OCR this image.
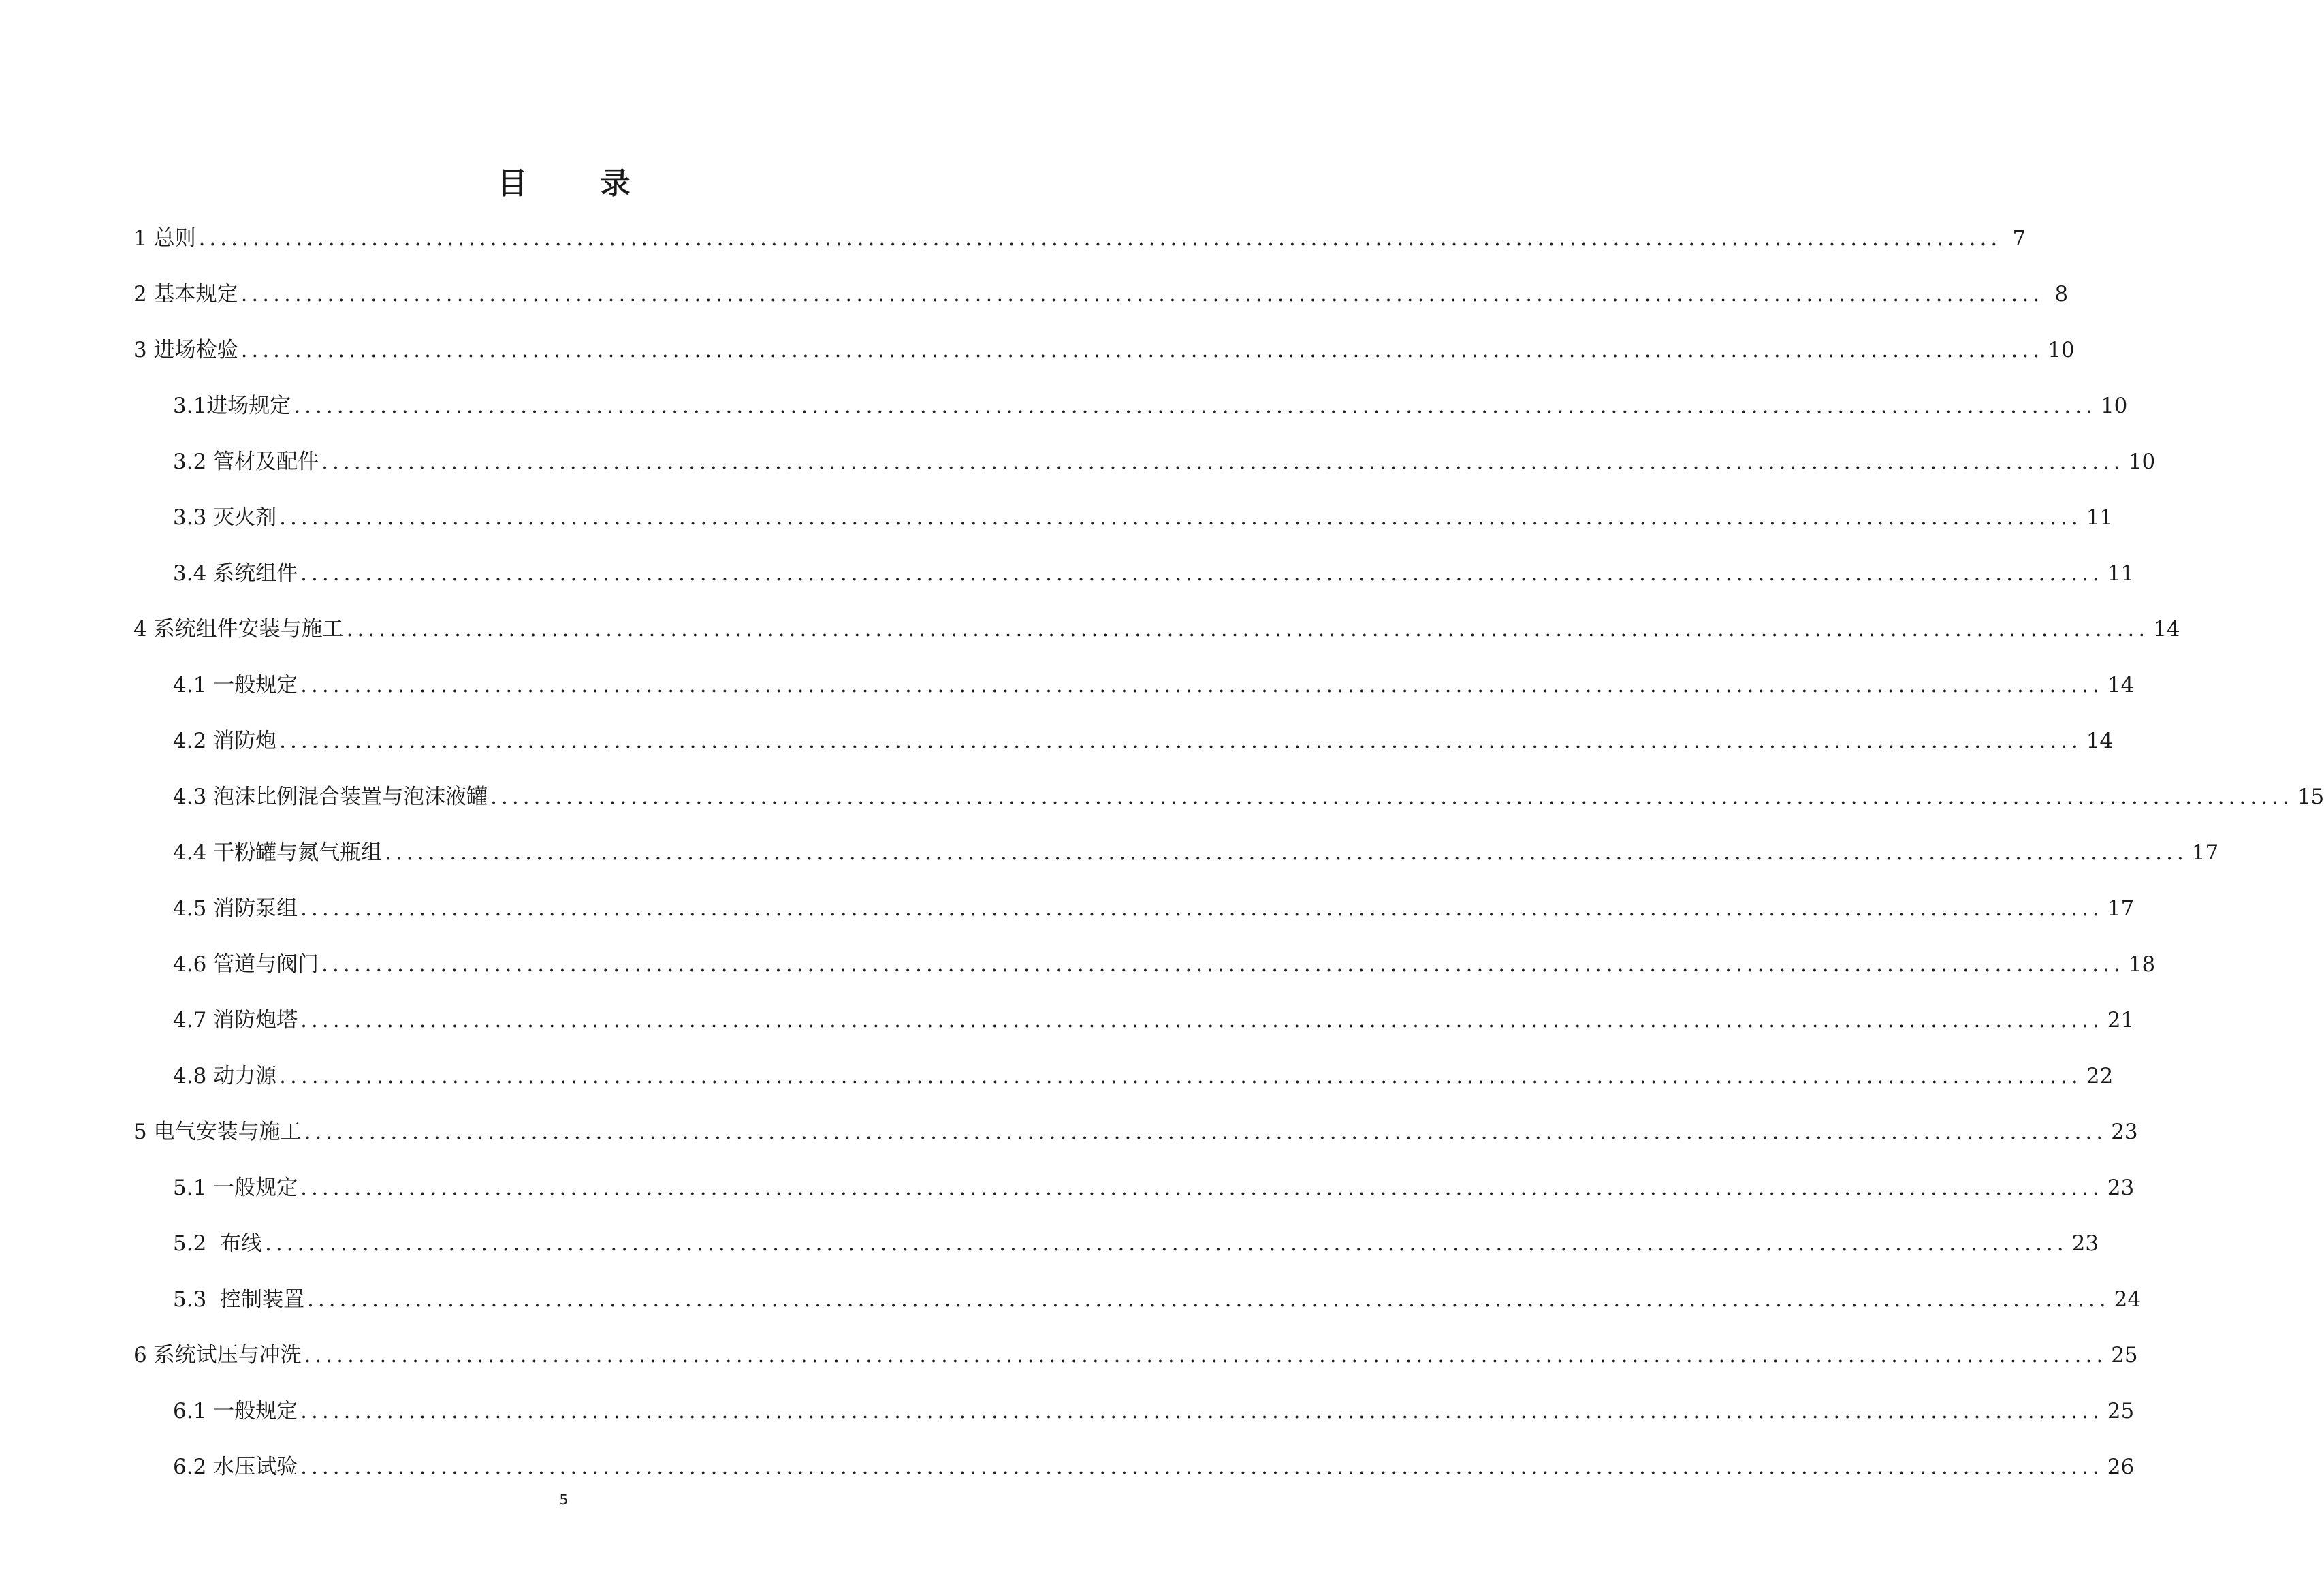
目 录
1 总则 ....................................................................................................................................................................... 7
2 基本规定 ....................................................................................................................................................................... 8
3 进场检验 ....................................................................................................................................................................... 10
3.1 进场规定 ....................................................................................................................................................................... 10
3.2 管材及配件 ....................................................................................................................................................................... 10
3.3 灭火剂 ....................................................................................................................................................................... 11
3.4 系统组件 ....................................................................................................................................................................... 11
4 系统组件安装与施工 ....................................................................................................................................................................... 14
4.1 一般规定 ....................................................................................................................................................................... 14
4.2 消防炮 ....................................................................................................................................................................... 14
4.3 泡沫比例混合装置与泡沫液罐 ....................................................................................................................................................................... 15
4.4 干粉罐与氮气瓶组 ....................................................................................................................................................................... 17
4.5 消防泵组 ....................................................................................................................................................................... 17
4.6 管道与阀门 ....................................................................................................................................................................... 18
4.7 消防炮塔 ....................................................................................................................................................................... 21
4.8 动力源 ....................................................................................................................................................................... 22
5 电气安装与施工 ....................................................................................................................................................................... 23
5.1 一般规定 ....................................................................................................................................................................... 23
5.2 布线 ....................................................................................................................................................................... 23
5.3 控制装置 ....................................................................................................................................................................... 24
6 系统试压与冲洗 ....................................................................................................................................................................... 25
6.1 一般规定 ....................................................................................................................................................................... 25
6.2 水压试验 ....................................................................................................................................................................... 26
5
